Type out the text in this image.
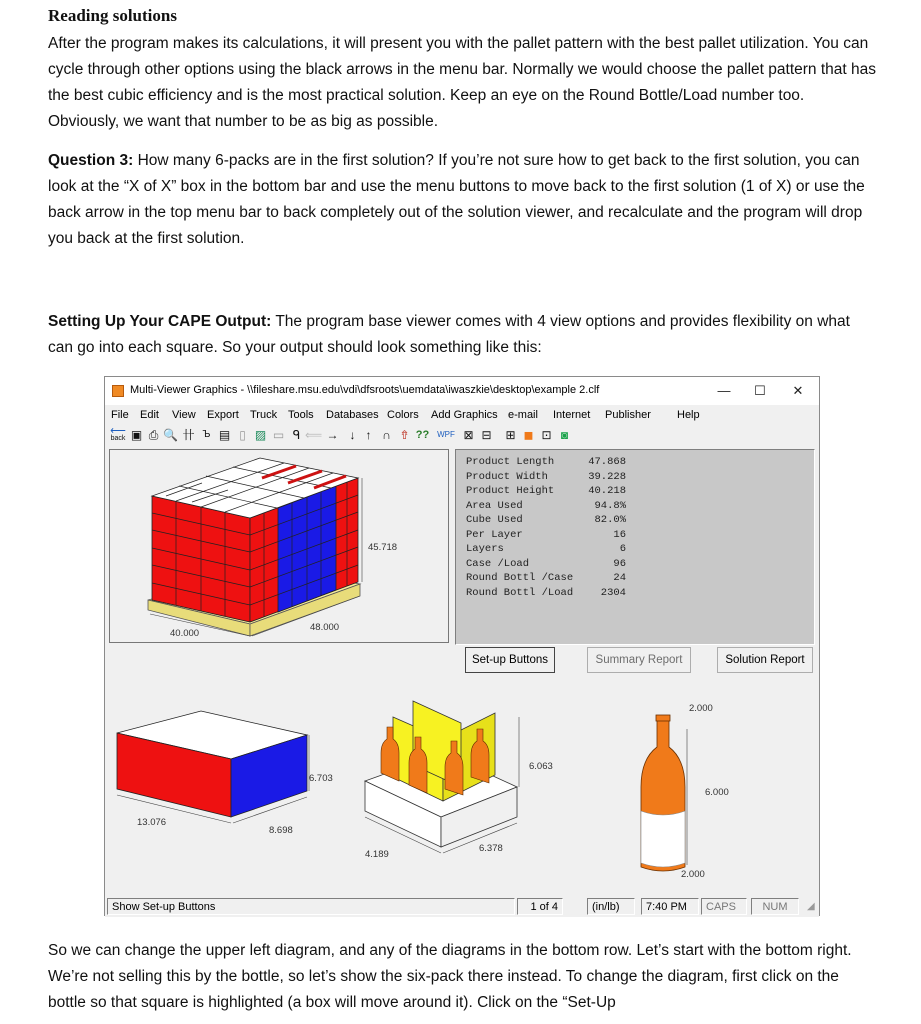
Reading solutions

After the program makes its calculations, it will present you with the pallet pattern with the best pallet utilization. You can cycle through other options using the black arrows in the menu bar. Normally we would choose the pallet pattern that has the best cubic efficiency and is the most practical solution. Keep an eye on the Round Bottle/Load number too. Obviously, we want that number to be as big as possible.

Question 3: How many 6-packs are in the first solution? If you’re not sure how to get back to the first solution, you can look at the “X of X” box in the bottom bar and use the menu buttons to move back to the first solution (1 of X) or use the back arrow in the top menu bar to back completely out of the solution viewer, and recalculate and the program will drop you back at the first solution.

Setting Up Your CAPE Output: The program base viewer comes with 4 view options and provides flexibility on what can go into each square. So your output should look something like this:

Multi-Viewer Graphics - \\fileshare.msu.edu\vdi\dfsroots\uemdata\iwaszkie\desktop\example 2.clf	—	☐	✕
File Edit View Export Truck Tools Databases Colors Add Graphics e-mail Internet Publisher Help
⟵
back ▣ ⎙ 🔍 卄 Ъ ▤ ▯ ▨ ▭ ᑫ ⟸ → ↓ ↑ ∩ ⇮ ?? WPF ⊠ ⊟ ⊞ ◼ ⊡ ◙
45.718
40.000
48.000
Product Length	47.868
Product Width	39.228
Product Height	40.218
Area Used	94.8%
Cube Used	82.0%
Per Layer	16
Layers	6
Case /Load	96
Round Bottl /Case	24
Round Bottl /Load	2304
Set-up Buttons	Summary Report	Solution Report
6.703
13.076
8.698
6.063
4.189
6.378
2.000
6.000
2.000
Show Set-up Buttons	1 of 4	(in/lb)	7:40 PM	CAPS	NUM	◢

So we can change the upper left diagram, and any of the diagrams in the bottom row. Let’s start with the bottom right. We’re not selling this by the bottle, so let’s show the six-pack there instead. To change the diagram, first click on the bottle so that square is highlighted (a box will move around it). Click on the “Set-Up
